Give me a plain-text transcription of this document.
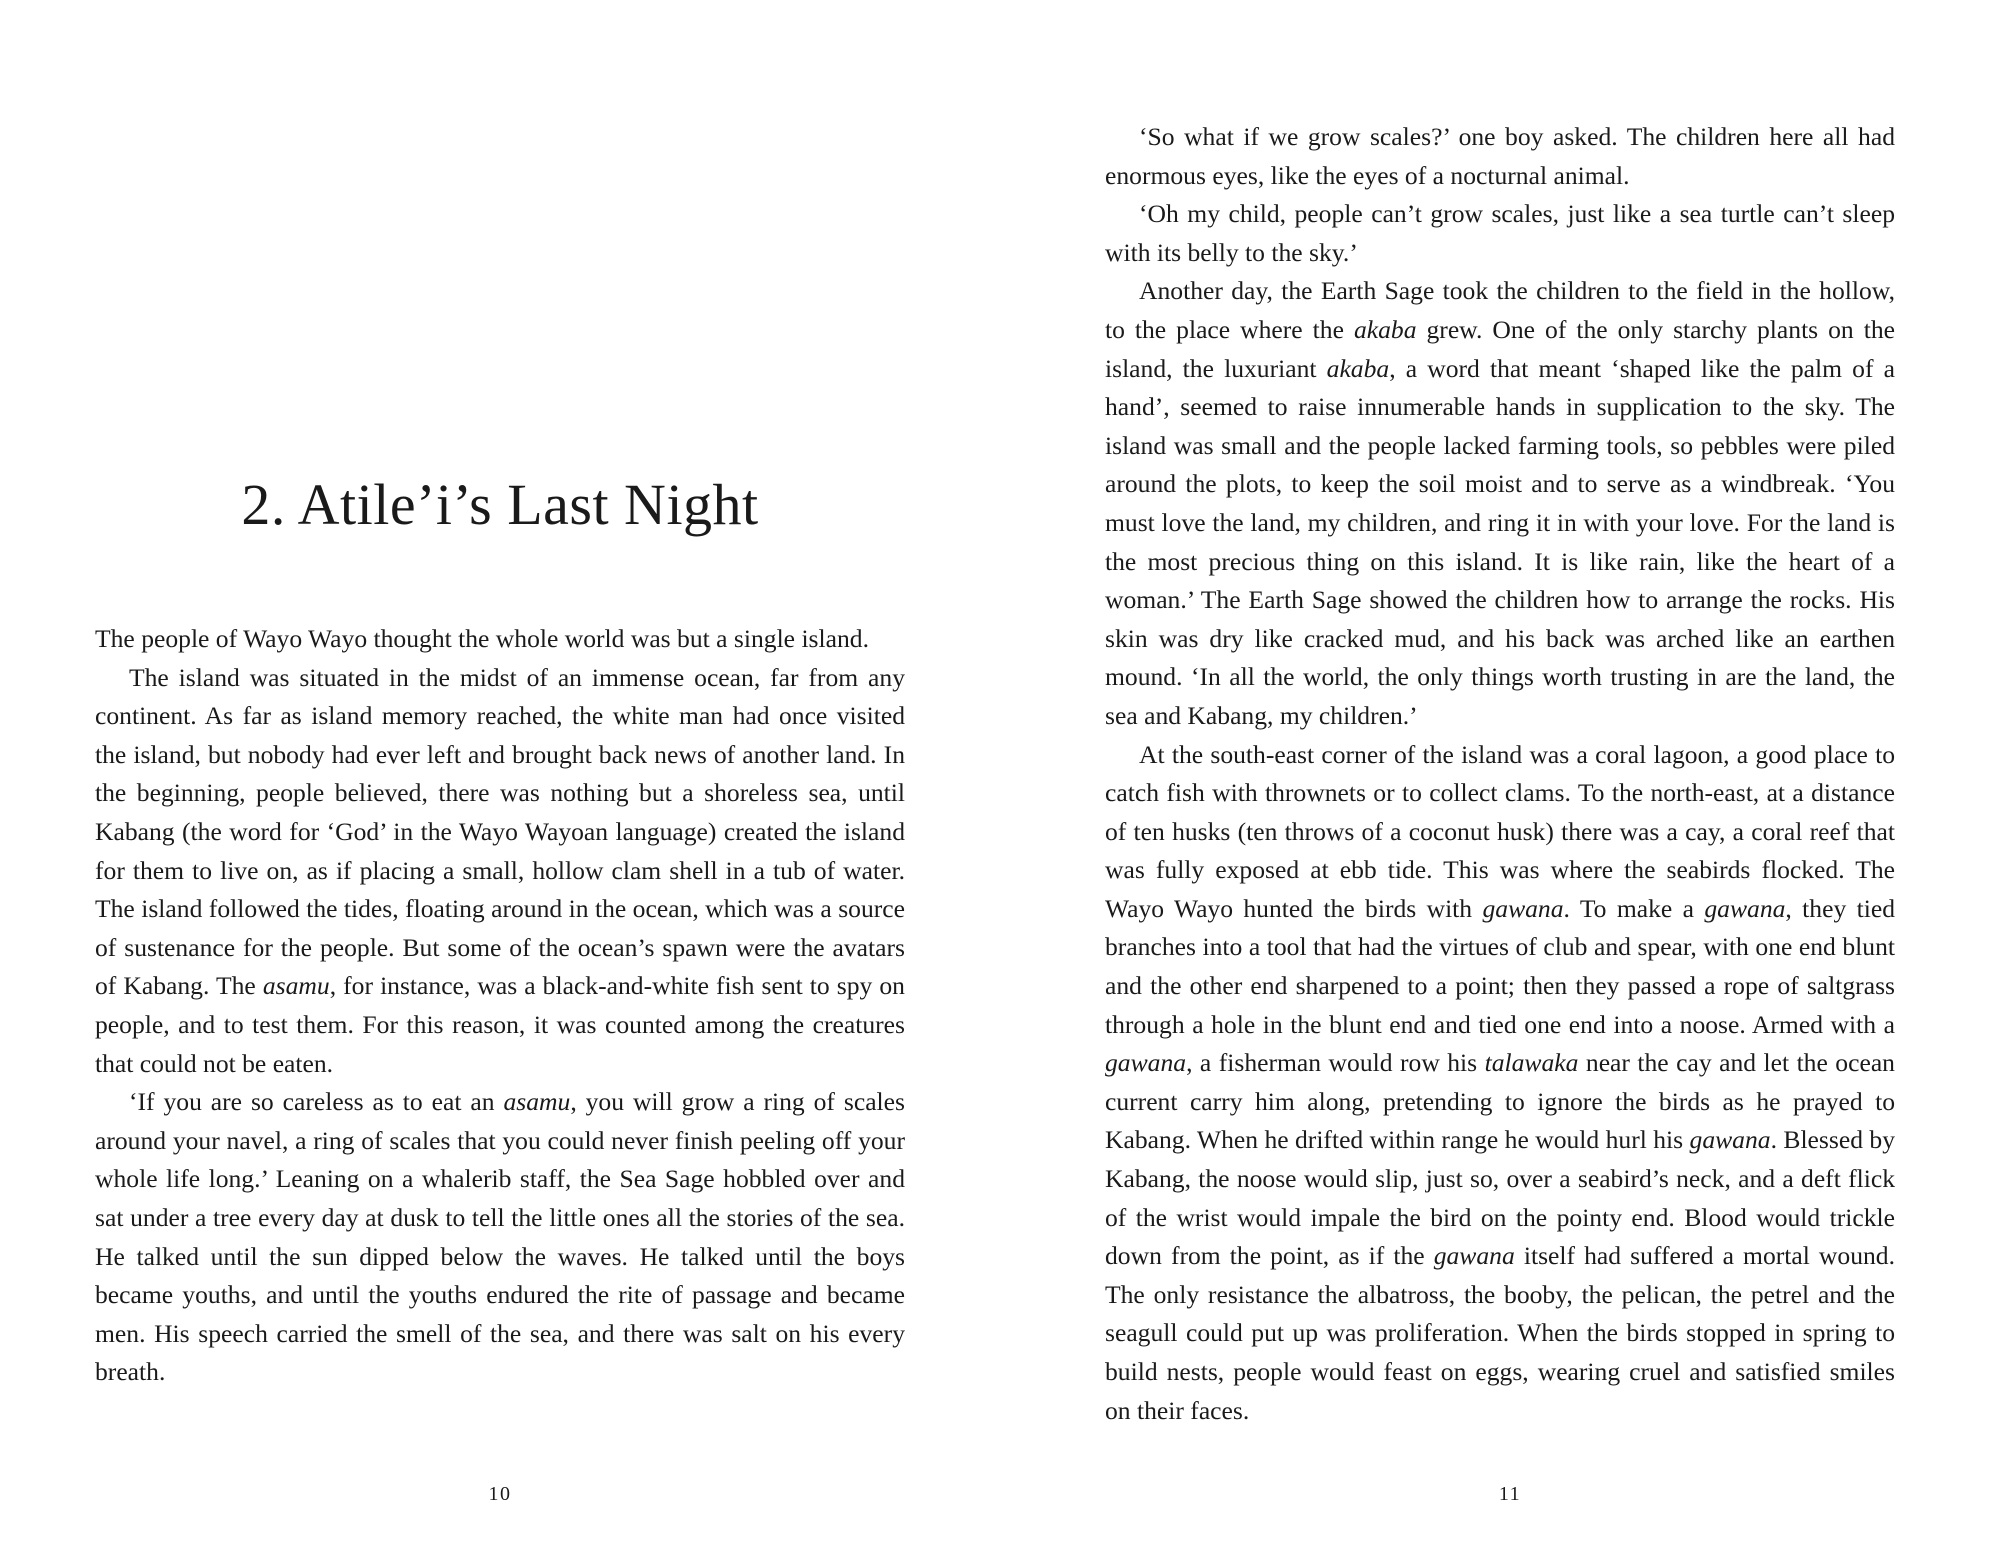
2. Atile’i’s Last Night

The people of Wayo Wayo thought the whole world was but a single island.

The island was situated in the midst of an immense ocean, far from any continent. As far as island memory reached, the white man had once visited the island, but nobody had ever left and brought back news of another land. In the beginning, people believed, there was nothing but a shoreless sea, until Kabang (the word for ‘God’ in the Wayo Wayoan language) created the island for them to live on, as if placing a small, hollow clam shell in a tub of water. The island followed the tides, floating around in the ocean, which was a source of sustenance for the people. But some of the ocean’s spawn were the avatars of Kabang. The asamu, for instance, was a black-and-white fish sent to spy on people, and to test them. For this reason, it was counted among the creatures that could not be eaten.

‘If you are so careless as to eat an asamu, you will grow a ring of scales around your navel, a ring of scales that you could never finish peeling off your whole life long.’ Leaning on a whalerib staff, the Sea Sage hobbled over and sat under a tree every day at dusk to tell the little ones all the stories of the sea. He talked until the sun dipped below the waves. He talked until the boys became youths, and until the youths endured the rite of passage and became men. His speech carried the smell of the sea, and there was salt on his every breath.

10

‘So what if we grow scales?’ one boy asked. The children here all had enormous eyes, like the eyes of a nocturnal animal.

‘Oh my child, people can’t grow scales, just like a sea turtle can’t sleep with its belly to the sky.’

Another day, the Earth Sage took the children to the field in the hollow, to the place where the akaba grew. One of the only starchy plants on the island, the luxuriant akaba, a word that meant ‘shaped like the palm of a hand’, seemed to raise innumerable hands in supplication to the sky. The island was small and the people lacked farming tools, so pebbles were piled around the plots, to keep the soil moist and to serve as a windbreak. ‘You must love the land, my children, and ring it in with your love. For the land is the most precious thing on this island. It is like rain, like the heart of a woman.’ The Earth Sage showed the children how to arrange the rocks. His skin was dry like cracked mud, and his back was arched like an earthen mound. ‘In all the world, the only things worth trusting in are the land, the sea and Kabang, my children.’

At the south-east corner of the island was a coral lagoon, a good place to catch fish with thrownets or to collect clams. To the north-east, at a distance of ten husks (ten throws of a coconut husk) there was a cay, a coral reef that was fully exposed at ebb tide. This was where the seabirds flocked. The Wayo Wayo hunted the birds with gawana. To make a gawana, they tied branches into a tool that had the virtues of club and spear, with one end blunt and the other end sharpened to a point; then they passed a rope of saltgrass through a hole in the blunt end and tied one end into a noose. Armed with a gawana, a fisherman would row his talawaka near the cay and let the ocean current carry him along, pretending to ignore the birds as he prayed to Kabang. When he drifted within range he would hurl his gawana. Blessed by Kabang, the noose would slip, just so, over a seabird’s neck, and a deft flick of the wrist would impale the bird on the pointy end. Blood would trickle down from the point, as if the gawana itself had suffered a mortal wound. The only resistance the albatross, the booby, the pelican, the petrel and the seagull could put up was proliferation. When the birds stopped in spring to build nests, people would feast on eggs, wearing cruel and satisfied smiles on their faces.

11
